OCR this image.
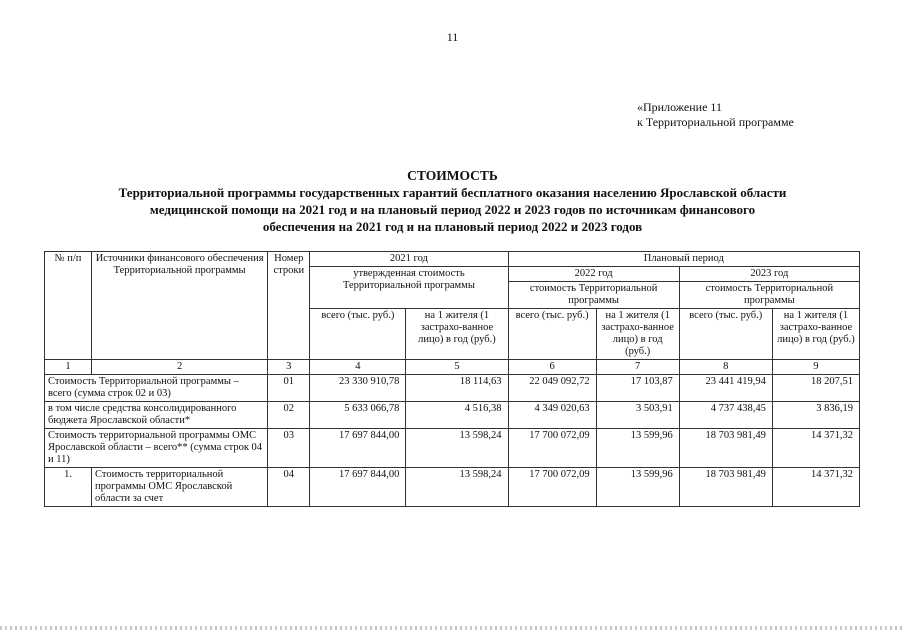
11
«Приложение 11
к Территориальной программе
СТОИМОСТЬ
Территориальной программы государственных гарантий бесплатного оказания населению Ярославской области
медицинской помощи на 2021 год и на плановый период 2022 и 2023 годов по источникам финансового
обеспечения на 2021 год и на плановый период 2022 и 2023 годов
№ п/п	Источники финансового обеспечения Территориальной программы	Номер строки	2021 год		Плановый период			
			утвержденная стоимость Территориальной программы		2022 год		2023 год	
					стоимость Территориальной программы		стоимость Территориальной программы	
			всего (тыс. руб.)	на 1 жителя (1 застрахо-ванное лицо) в год (руб.)	всего (тыс. руб.)	на 1 жителя (1 застрахо-ванное лицо) в год (руб.)	всего (тыс. руб.)	на 1 жителя (1 застрахо-ванное лицо) в год (руб.)
1	2	3	4	5	6	7	8	9
Стоимость Территориальной программы – всего (сумма строк 02 и 03)		01	23 330 910,78	18 114,63	22 049 092,72	17 103,87	23 441 419,94	18 207,51
в том числе средства консолидированного бюджета Ярославской области*		02	5 633 066,78	4 516,38	4 349 020,63	3 503,91	4 737 438,45	3 836,19
Стоимость территориальной программы ОМС Ярославской области – всего** (сумма строк 04 и 11)		03	17 697 844,00	13 598,24	17 700 072,09	13 599,96	18 703 981,49	14 371,32
1.	Стоимость территориальной программы ОМС Ярославской области за счет	04	17 697 844,00	13 598,24	17 700 072,09	13 599,96	18 703 981,49	14 371,32
